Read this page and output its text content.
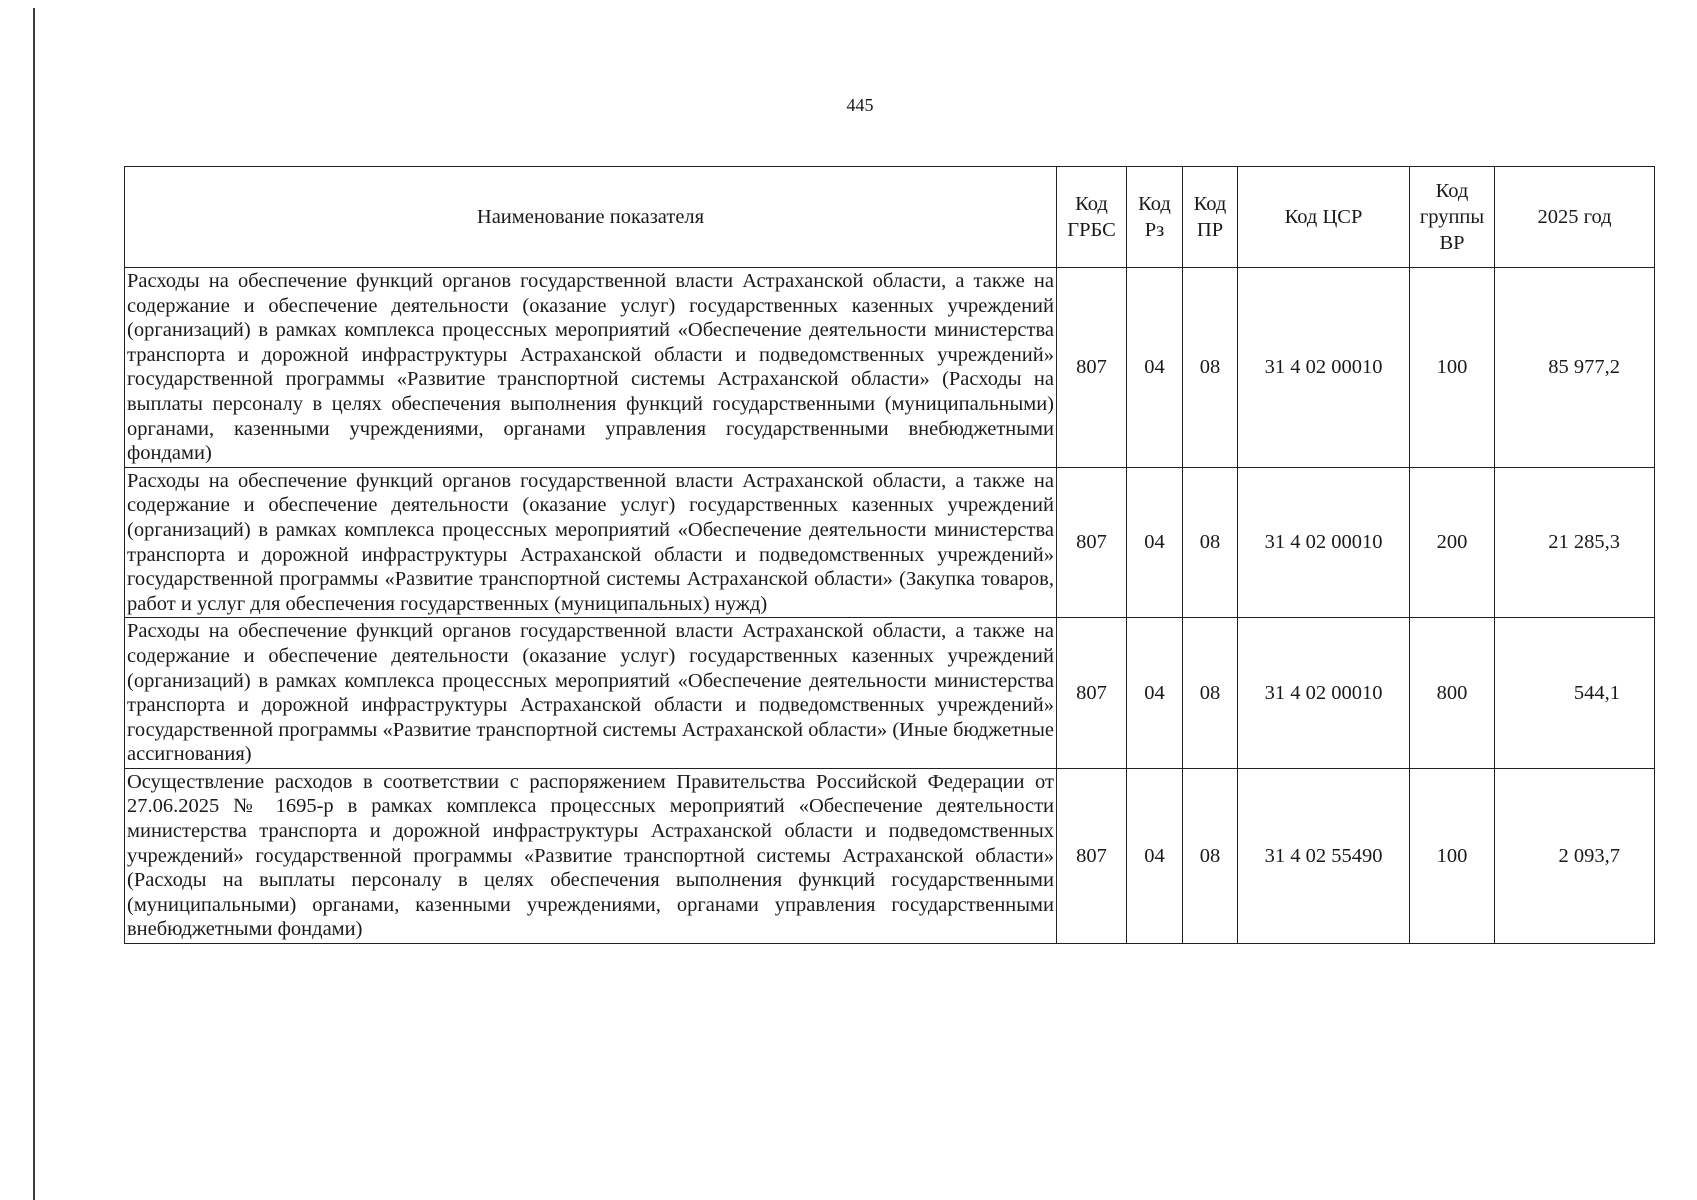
445
Наименование показателя	Код ГРБС	Код Рз	Код ПР	Код ЦСР	Код группы ВР	2025 год
Расходы на обеспечение функций органов государственной власти Астраханской области, а также на содержание и обеспечение деятельности (оказание услуг) государственных казенных учреждений (организаций) в рамках комплекса процессных мероприятий «Обеспечение деятельности министерства транспорта и дорожной инфраструктуры Астраханской области и подведомственных учреждений» государственной программы «Развитие транспортной системы Астраханской области» (Расходы на выплаты персоналу в целях обеспечения выполнения функций государственными (муниципальными) органами, казенными учреждениями, органами управления государственными внебюджетными фондами)	807	04	08	31 4 02 00010	100	85 977,2
Расходы на обеспечение функций органов государственной власти Астраханской области, а также на содержание и обеспечение деятельности (оказание услуг) государственных казенных учреждений (организаций) в рамках комплекса процессных мероприятий «Обеспечение деятельности министерства транспорта и дорожной инфраструктуры Астраханской области и подведомственных учреждений» государственной программы «Развитие транспортной системы Астраханской области» (Закупка товаров, работ и услуг для обеспечения государственных (муниципальных) нужд)	807	04	08	31 4 02 00010	200	21 285,3
Расходы на обеспечение функций органов государственной власти Астраханской области, а также на содержание и обеспечение деятельности (оказание услуг) государственных казенных учреждений (организаций) в рамках комплекса процессных мероприятий «Обеспечение деятельности министерства транспорта и дорожной инфраструктуры Астраханской области и подведомственных учреждений» государственной программы «Развитие транспортной системы Астраханской области» (Иные бюджетные ассигнования)	807	04	08	31 4 02 00010	800	544,1
Осуществление расходов в соответствии с распоряжением Правительства Российской Федерации от 27.06.2025 № 1695-р в рамках комплекса процессных мероприятий «Обеспечение деятельности министерства транспорта и дорожной инфраструктуры Астраханской области и подведомственных учреждений» государственной программы «Развитие транспортной системы Астраханской области» (Расходы на выплаты персоналу в целях обеспечения выполнения функций государственными (муниципальными) органами, казенными учреждениями, органами управления государственными внебюджетными фондами)	807	04	08	31 4 02 55490	100	2 093,7
